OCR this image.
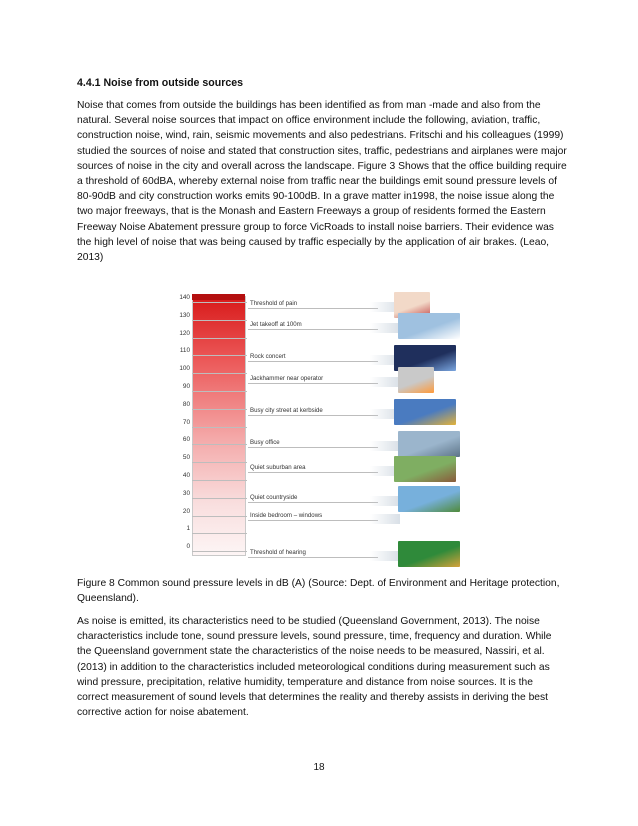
4.4.1 Noise from outside sources
Noise that comes from outside the buildings has been identified as from man -made and also from the natural. Several noise sources that impact on office environment include the following, aviation, traffic, construction noise, wind, rain, seismic movements and also pedestrians. Fritschi and his colleagues (1999) studied the sources of noise and stated that construction sites, traffic, pedestrians and airplanes were major sources of noise in the city and overall across the landscape. Figure 3 Shows that the office building require a threshold of 60dBA, whereby external noise from traffic near the buildings emit sound pressure levels of 80-90dB and city construction works emits 90-100dB. In a grave matter in1998, the noise issue along the two major freeways, that is the Monash and Eastern Freeways a group of residents formed the Eastern Freeway Noise Abatement pressure group to force VicRoads to install noise barriers. Their evidence was the high level of noise that was being caused by traffic especially by the application of air brakes. (Leao, 2013)
140
130
120
110
100
90
80
70
60
50
40
30
20
1
0
Threshold of pain
Jet takeoff at 100m
Rock concert
Jackhammer near operator
Busy city street at kerbside
Busy office
Quiet suburban area
Quiet countryside
Inside bedroom – windows
Threshold of hearing
Figure 8 Common sound pressure levels in dB (A) (Source: Dept. of Environment and Heritage protection, Queensland).
As noise is emitted, its characteristics need to be studied (Queensland Government, 2013). The noise characteristics include tone, sound pressure levels, sound pressure, time, frequency and duration. While the Queensland government state the characteristics of the noise needs to be measured, Nassiri, et al.(2013) in addition to the characteristics included meteorological conditions during measurement such as wind pressure, precipitation, relative humidity, temperature and distance from noise sources. It is the correct measurement of sound levels that determines the reality and thereby assists in deriving the best corrective action for noise abatement.
18
